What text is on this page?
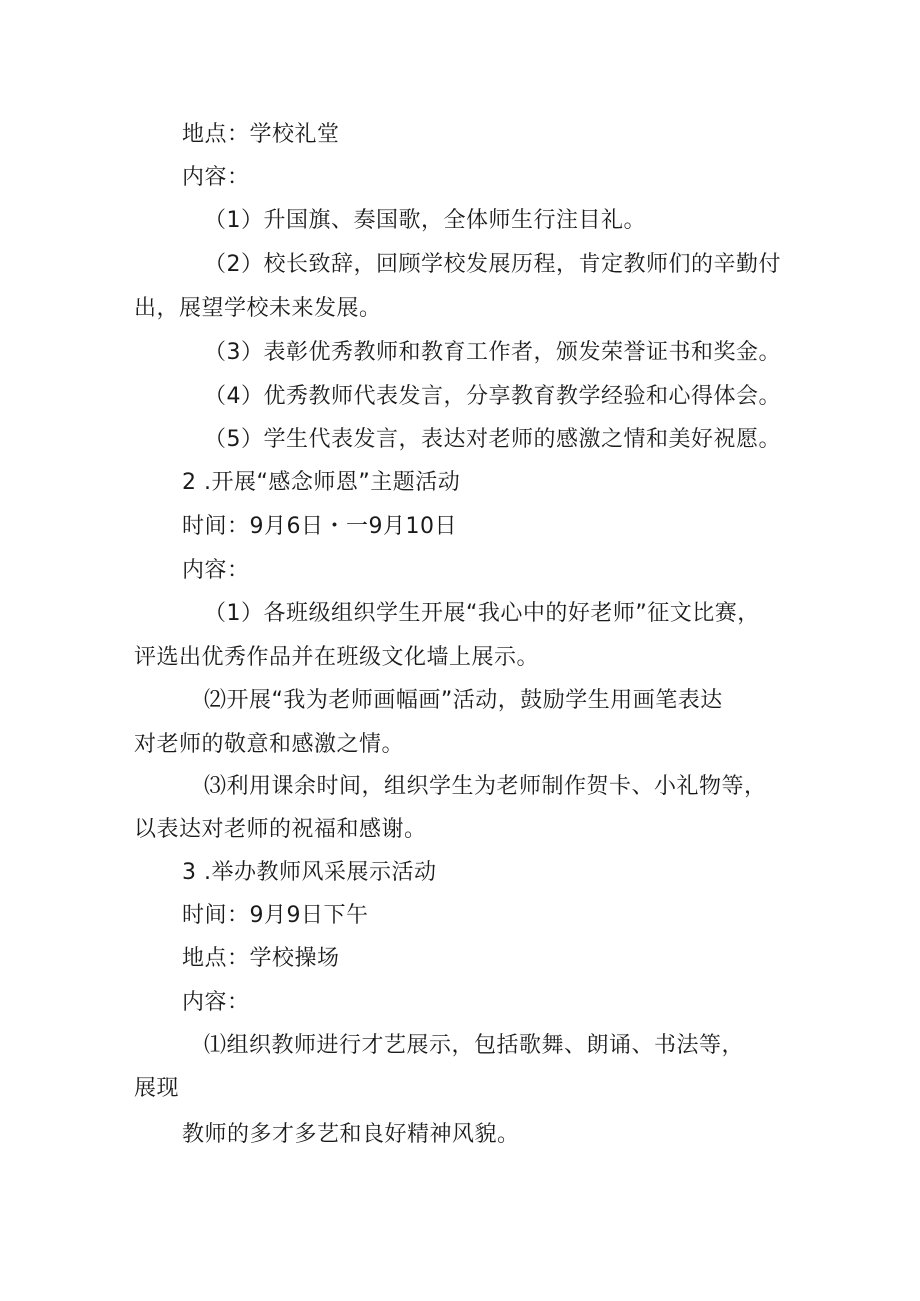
地点：学校礼堂
内容：
（1）升国旗、奏国歌，全体师生行注目礼。
（2）校长致辞，回顾学校发展历程，肯定教师们的辛勤付
出，展望学校未来发展。
（3）表彰优秀教师和教育工作者，颁发荣誉证书和奖金。
（4）优秀教师代表发言，分享教育教学经验和心得体会。
（5）学生代表发言，表达对老师的感激之情和美好祝愿。
2 .开展“感念师恩”主题活动
时间：9月6日・一9月10日
内容：
（1）各班级组织学生开展“我心中的好老师”征文比赛，
评选出优秀作品并在班级文化墙上展示。
⑵开展“我为老师画幅画”活动，鼓励学生用画笔表达
对老师的敬意和感激之情。
⑶利用课余时间，组织学生为老师制作贺卡、小礼物等，
以表达对老师的祝福和感谢。
3 .举办教师风采展示活动
时间：9月9日下午
地点：学校操场
内容：
⑴组织教师进行才艺展示，包括歌舞、朗诵、书法等，
展现
教师的多才多艺和良好精神风貌。
